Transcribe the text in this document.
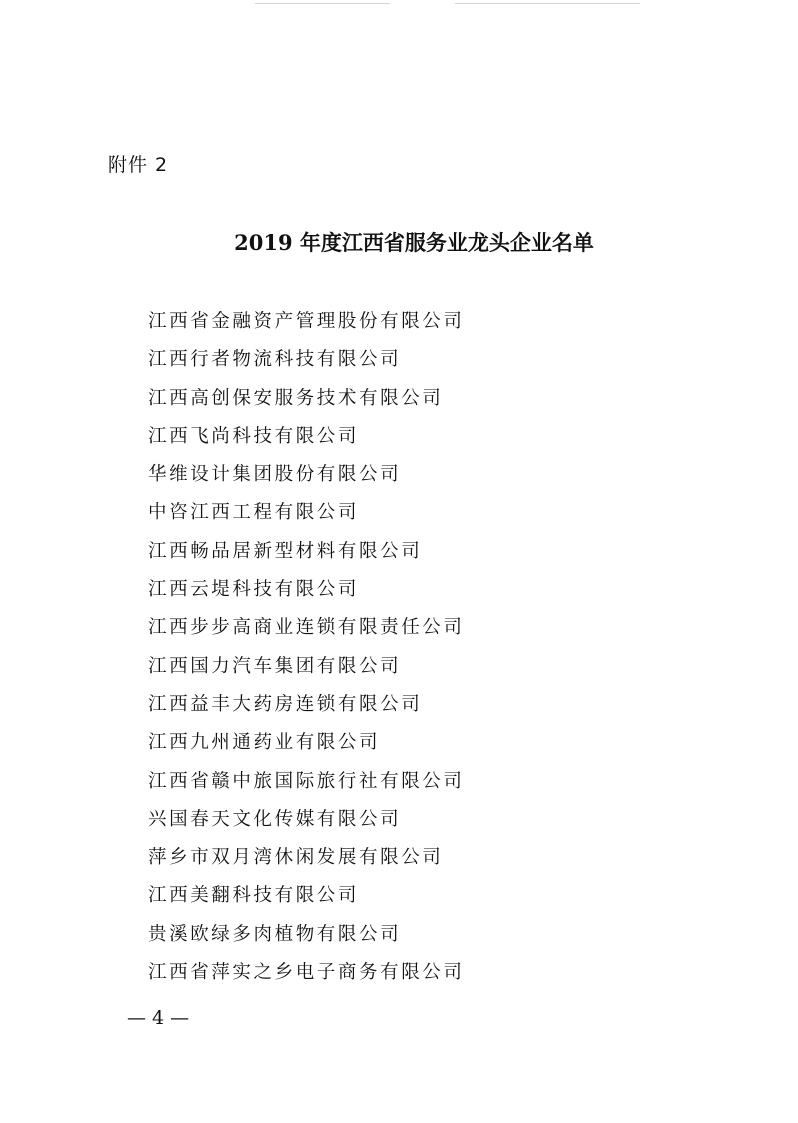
附件 2
2019 年度江西省服务业龙头企业名单
江西省金融资产管理股份有限公司
江西行者物流科技有限公司
江西高创保安服务技术有限公司
江西飞尚科技有限公司
华维设计集团股份有限公司
中咨江西工程有限公司
江西畅品居新型材料有限公司
江西云堤科技有限公司
江西步步高商业连锁有限责任公司
江西国力汽车集团有限公司
江西益丰大药房连锁有限公司
江西九州通药业有限公司
江西省赣中旅国际旅行社有限公司
兴国春天文化传媒有限公司
萍乡市双月湾休闲发展有限公司
江西美翻科技有限公司
贵溪欧绿多肉植物有限公司
江西省萍实之乡电子商务有限公司
— 4 —
